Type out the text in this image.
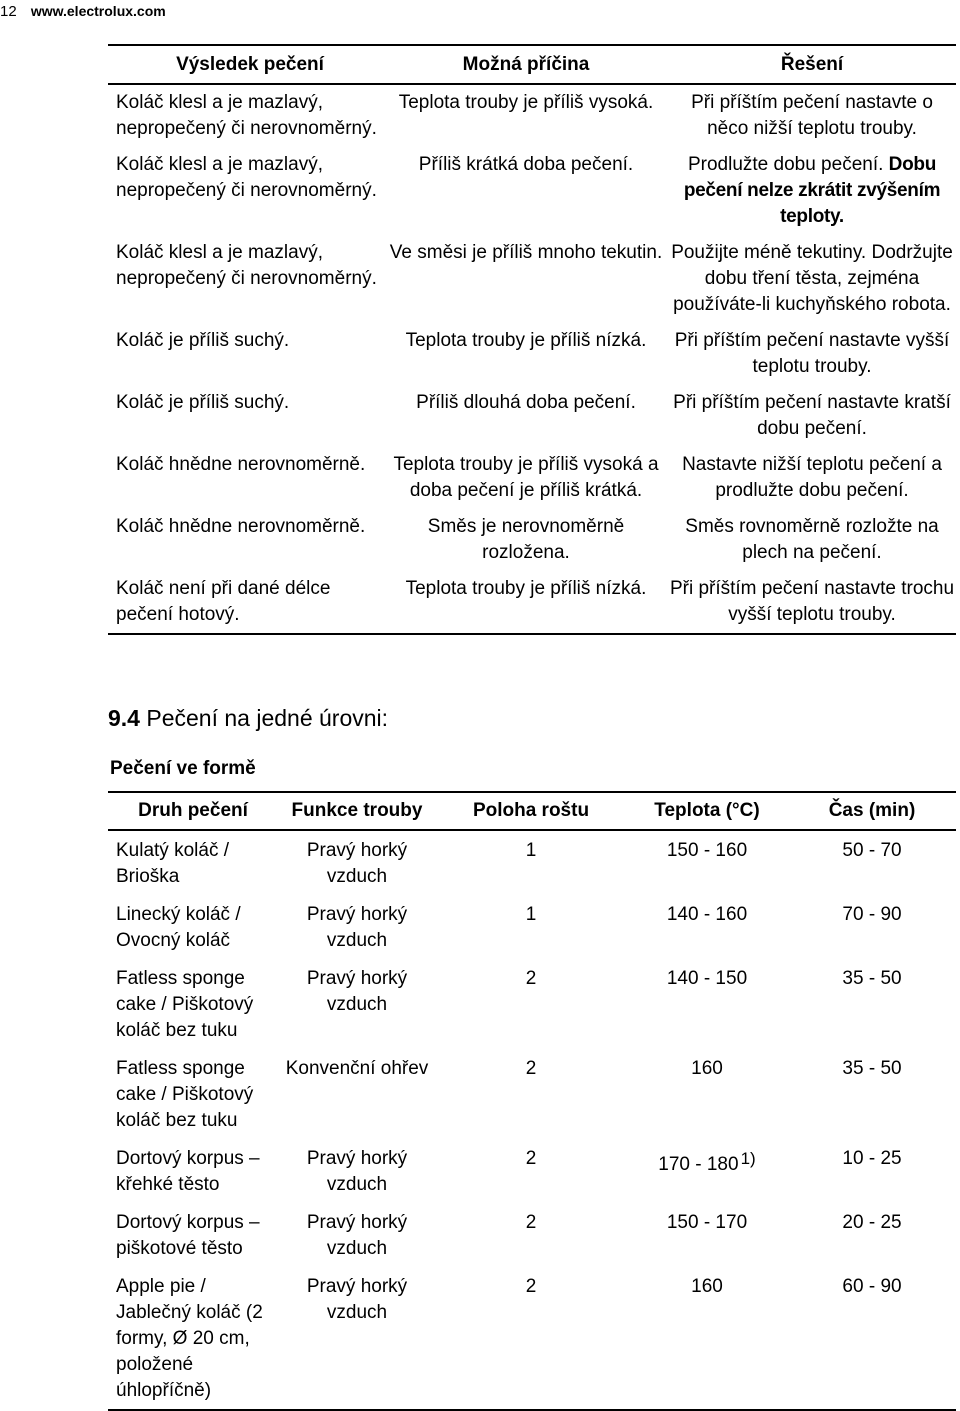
12 www.electrolux.com
Výsledek pečení	Možná příčina	Řešení
Koláč klesl a je mazlavý, nepropečený či nerovnoměrný.	Teplota trouby je příliš vysoká.	Při příštím pečení nastavte o něco nižší teplotu trouby.
Koláč klesl a je mazlavý, nepropečený či nerovnoměrný.	Příliš krátká doba pečení.	Prodlužte dobu pečení. Dobu pečení nelze zkrátit zvýšením teploty.
Koláč klesl a je mazlavý, nepropečený či nerovnoměrný.	Ve směsi je příliš mnoho tekutin.	Použijte méně tekutiny. Dodržujte dobu tření těsta, zejména používáte-li kuchyňského robota.
Koláč je příliš suchý.	Teplota trouby je příliš nízká.	Při příštím pečení nastavte vyšší teplotu trouby.
Koláč je příliš suchý.	Příliš dlouhá doba pečení.	Při příštím pečení nastavte kratší dobu pečení.
Koláč hnědne nerovnoměrně.	Teplota trouby je příliš vysoká a doba pečení je příliš krátká.	Nastavte nižší teplotu pečení a prodlužte dobu pečení.
Koláč hnědne nerovnoměrně.	Směs je nerovnoměrně rozložena.	Směs rovnoměrně rozložte na plech na pečení.
Koláč není při dané délce pečení hotový.	Teplota trouby je příliš nízká.	Při příštím pečení nastavte trochu vyšší teplotu trouby.
9.4 Pečení na jedné úrovni:
Pečení ve formě
Druh pečení	Funkce trouby	Poloha roštu	Teplota (°C)	Čas (min)
Kulatý koláč / Brioška	Pravý horký vzduch	1	150 - 160	50 - 70
Linecký koláč / Ovocný koláč	Pravý horký vzduch	1	140 - 160	70 - 90
Fatless sponge cake / Piškotový koláč bez tuku	Pravý horký vzduch	2	140 - 150	35 - 50
Fatless sponge cake / Piškotový koláč bez tuku	Konvenční ohřev	2	160	35 - 50
Dortový korpus – křehké těsto	Pravý horký vzduch	2	170 - 180 1)	10 - 25
Dortový korpus – piškotové těsto	Pravý horký vzduch	2	150 - 170	20 - 25
Apple pie / Jablečný koláč (2 formy, Ø 20 cm, položené úhlopříčně)	Pravý horký vzduch	2	160	60 - 90
